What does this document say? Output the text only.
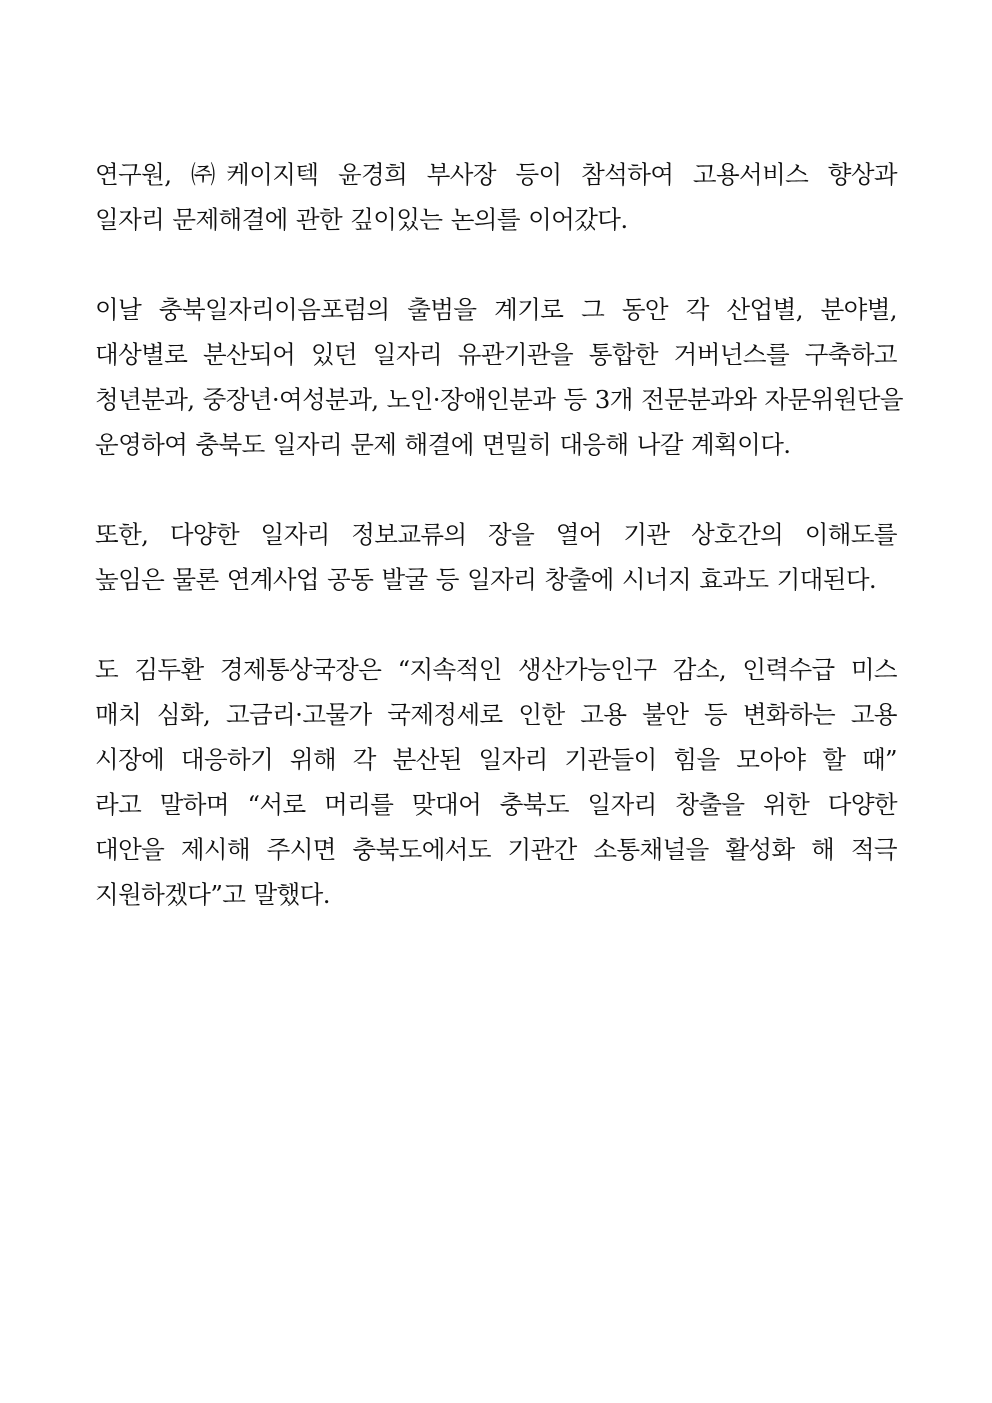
연구원, ㈜케이지텍 윤경희 부사장 등이 참석하여 고용서비스 향상과
일자리 문제해결에 관한 깊이있는 논의를 이어갔다.
이날 충북일자리이음포럼의 출범을 계기로 그 동안 각 산업별, 분야별,
대상별로 분산되어 있던 일자리 유관기관을 통합한 거버넌스를 구축하고
청년분과, 중장년·여성분과, 노인·장애인분과 등 3개 전문분과와 자문위원단을
운영하여 충북도 일자리 문제 해결에 면밀히 대응해 나갈 계획이다.
또한, 다양한 일자리 정보교류의 장을 열어 기관 상호간의 이해도를
높임은 물론 연계사업 공동 발굴 등 일자리 창출에 시너지 효과도 기대된다.
도 김두환 경제통상국장은 “지속적인 생산가능인구 감소, 인력수급 미스
매치 심화, 고금리·고물가 국제정세로 인한 고용 불안 등 변화하는 고용
시장에 대응하기 위해 각 분산된 일자리 기관들이 힘을 모아야 할 때”
라고 말하며 “서로 머리를 맞대어 충북도 일자리 창출을 위한 다양한
대안을 제시해 주시면 충북도에서도 기관간 소통채널을 활성화 해 적극
지원하겠다”고 말했다.
